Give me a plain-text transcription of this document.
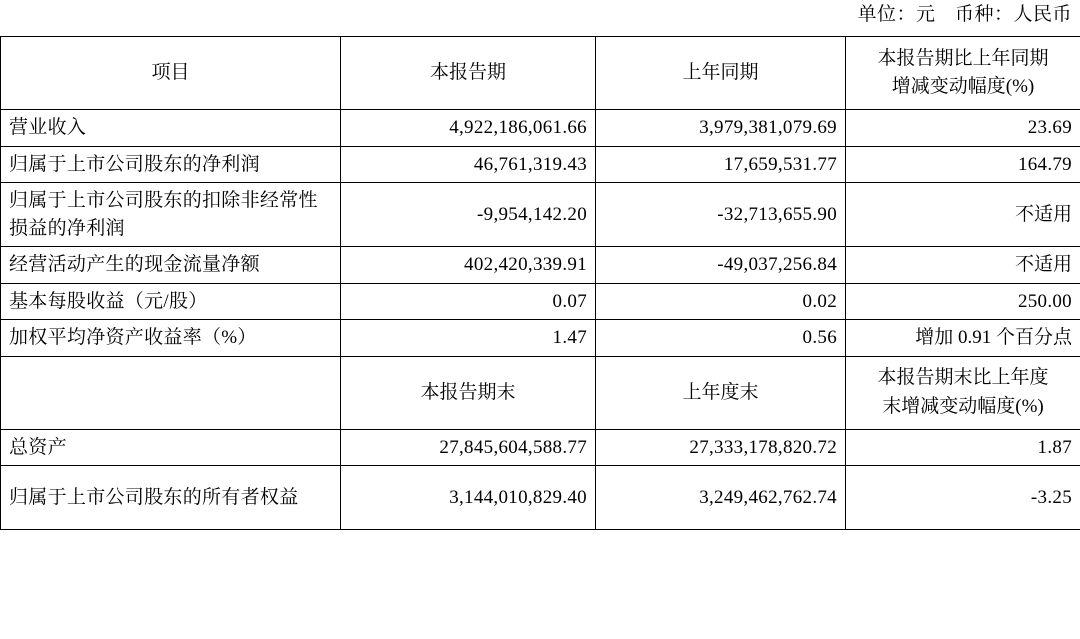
单位：元　币种：人民币
项目	本报告期	上年同期	本报告期比上年同期
增减变动幅度(%)

营业收入	4,922,186,061.66	3,979,381,079.69	23.69
归属于上市公司股东的净利润	46,761,319.43	17,659,531.77	164.79
归属于上市公司股东的扣除非经常性损益的净利润	-9,954,142.20	-32,713,655.90	不适用
经营活动产生的现金流量净额	402,420,339.91	-49,037,256.84	不适用
基本每股收益（元/股）	0.07	0.02	250.00
加权平均净资产收益率（%）	1.47	0.56	增加 0.91 个百分点
	本报告期末	上年度末	本报告期末比上年度
末增减变动幅度(%)

总资产	27,845,604,588.77	27,333,178,820.72	1.87
归属于上市公司股东的所有者权益	3,144,010,829.40	3,249,462,762.74	-3.25
